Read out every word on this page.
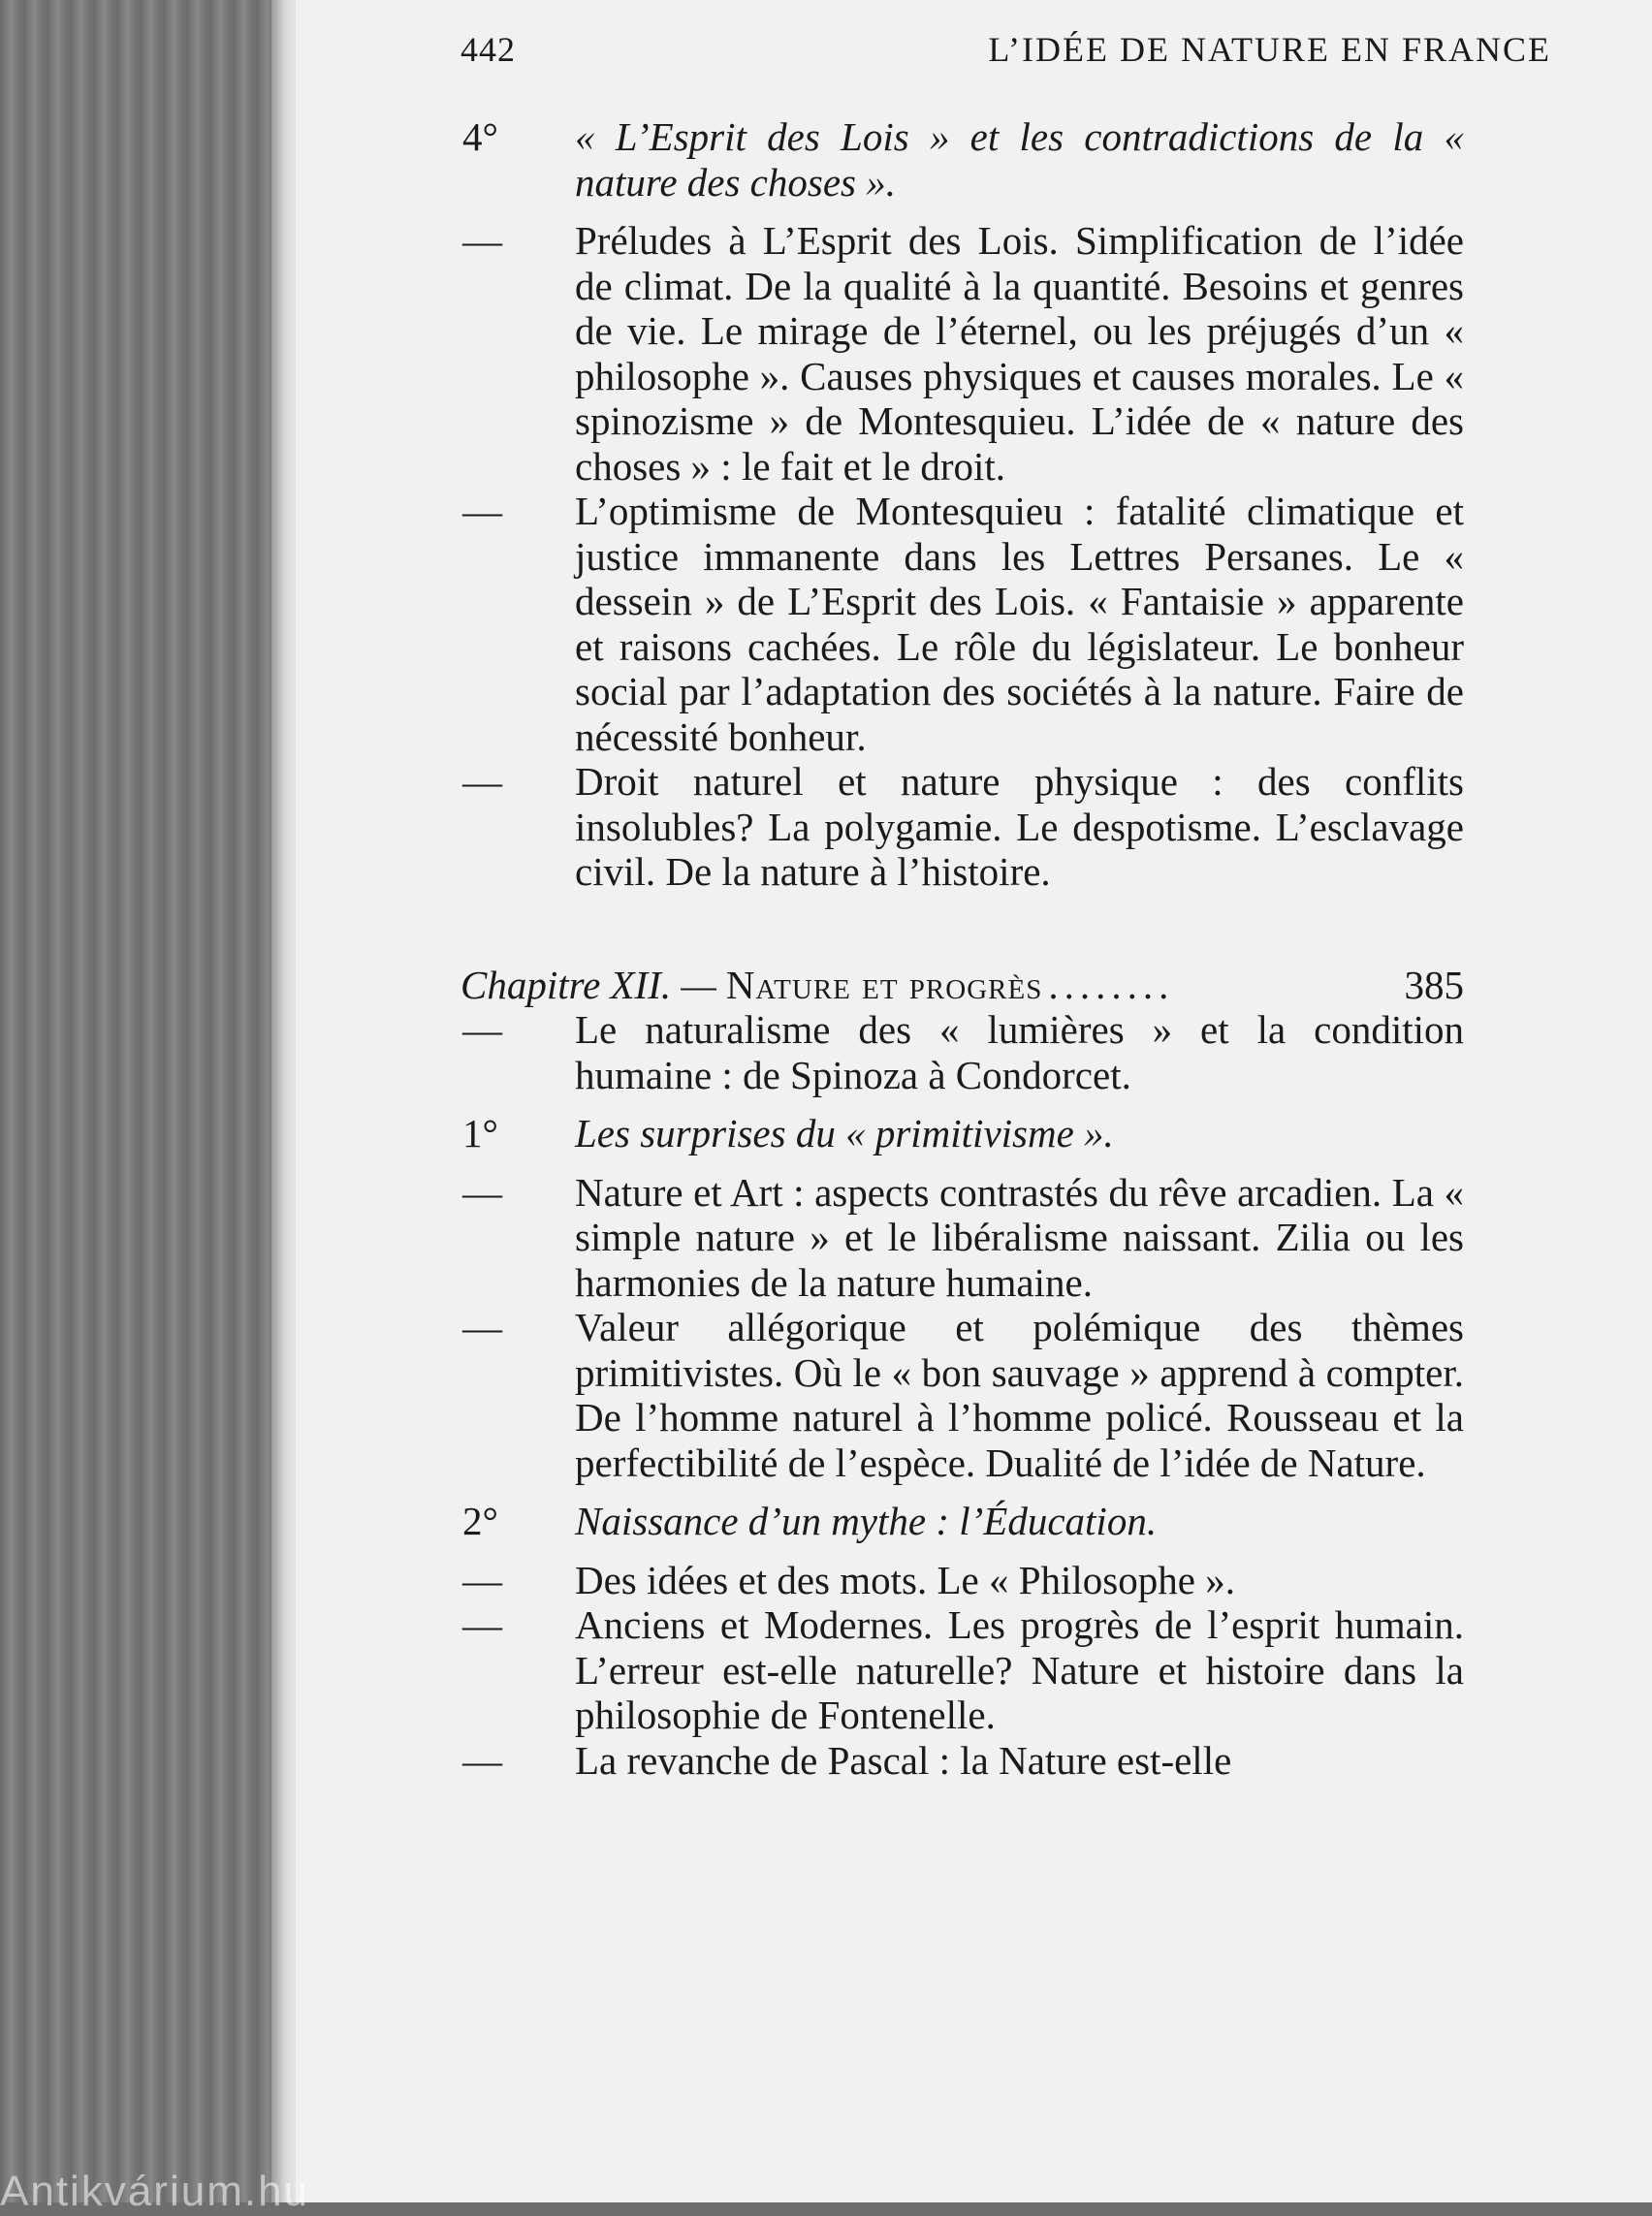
442	L’IDÉE DE NATURE EN FRANCE
4°	« L’Esprit des Lois » et les contradictions de la « nature des choses ».
—	Préludes à L’Esprit des Lois. Simplification de l’idée de climat. De la qualité à la quantité. Besoins et genres de vie. Le mirage de l’éternel, ou les préjugés d’un « philosophe ». Causes physiques et causes morales. Le « spinozisme » de Montesquieu. L’idée de « nature des choses » : le fait et le droit.
—	L’optimisme de Montesquieu : fatalité climatique et justice immanente dans les Lettres Persanes. Le « dessein » de L’Esprit des Lois. « Fantaisie » apparente et raisons cachées. Le rôle du législateur. Le bonheur social par l’adaptation des sociétés à la nature. Faire de nécessité bonheur.
—	Droit naturel et nature physique : des conflits insolubles? La polygamie. Le despotisme. L’esclavage civil. De la nature à l’histoire.
Chapitre XII. — Nature et progrès ........	385
—	Le naturalisme des « lumières » et la condition humaine : de Spinoza à Condorcet.
1°	Les surprises du « primitivisme ».
—	Nature et Art : aspects contrastés du rêve arcadien. La « simple nature » et le libéralisme naissant. Zilia ou les harmonies de la nature humaine.
—	Valeur allégorique et polémique des thèmes primitivistes. Où le « bon sauvage » apprend à compter. De l’homme naturel à l’homme policé. Rousseau et la perfectibilité de l’espèce. Dualité de l’idée de Nature.
2°	Naissance d’un mythe : l’Éducation.
—	Des idées et des mots. Le « Philosophe ».
—	Anciens et Modernes. Les progrès de l’esprit humain. L’erreur est-elle naturelle? Nature et histoire dans la philosophie de Fontenelle.
—	La revanche de Pascal : la Nature est-elle
Antikvárium.hu
